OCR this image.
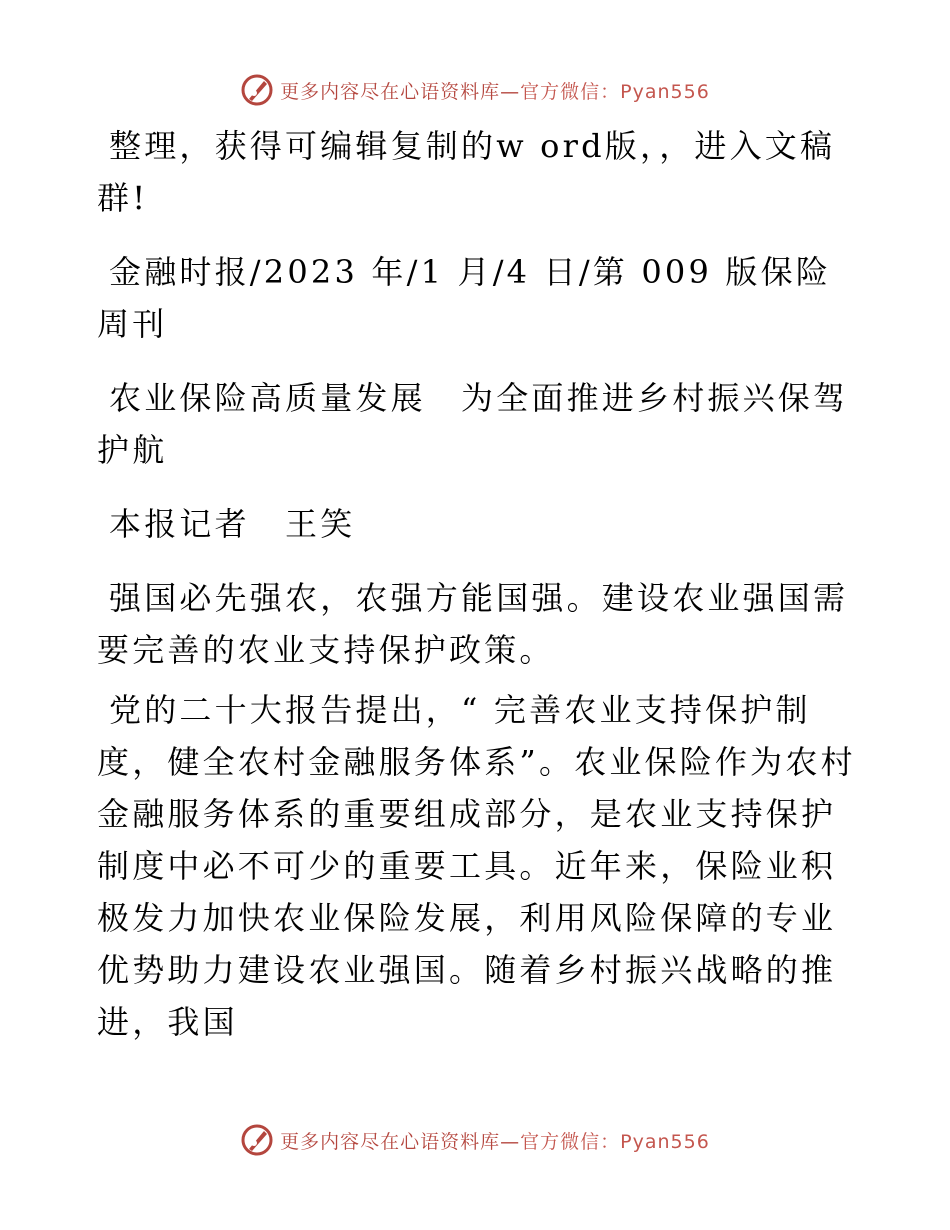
更多内容尽在心语资料库—官方微信：Pyan556

整理，获得可编辑复制的w ord版，，进入文稿群!

金融时报/2023 年/1 月/4 日/第 009 版保险周刊

农业保险高质量发展　为全面推进乡村振兴保驾护航

本报记者　王笑

强国必先强农，农强方能国强。建设农业强国需要完善的农业支持保护政策。

党的二十大报告提出，“ 完善农业支持保护制度，健全农村金融服务体系”。农业保险作为农村金融服务体系的重要组成部分，是农业支持保护制度中必不可少的重要工具。近年来，保险业积极发力加快农业保险发展，利用风险保障的专业优势助力建设农业强国。随着乡村振兴战略的推进，我国

更多内容尽在心语资料库—官方微信：Pyan556
